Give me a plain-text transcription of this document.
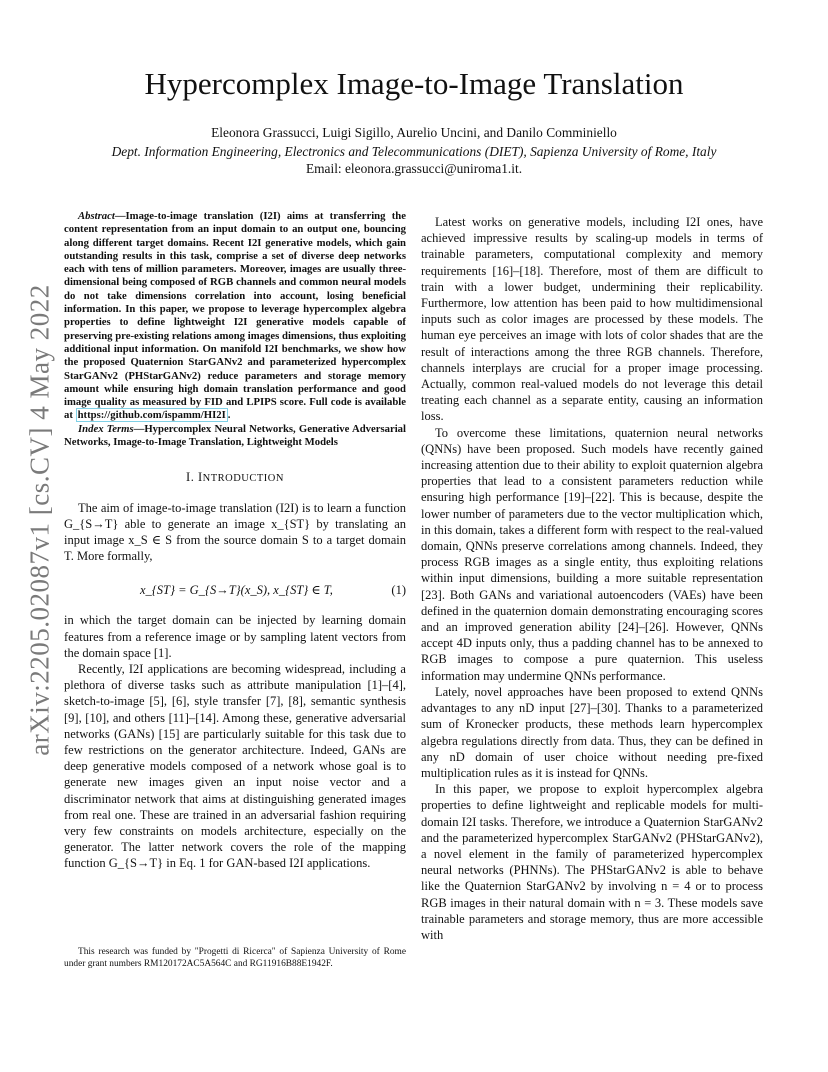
arXiv:2205.02087v1 [cs.CV] 4 May 2022
Hypercomplex Image-to-Image Translation
Eleonora Grassucci, Luigi Sigillo, Aurelio Uncini, and Danilo Comminiello
Dept. Information Engineering, Electronics and Telecommunications (DIET), Sapienza University of Rome, Italy
Email: eleonora.grassucci@uniroma1.it.

Abstract—Image-to-image translation (I2I) aims at transferring the content representation from an input domain to an output one, bouncing along different target domains. Recent I2I generative models, which gain outstanding results in this task, comprise a set of diverse deep networks each with tens of million parameters. Moreover, images are usually three-dimensional being composed of RGB channels and common neural models do not take dimensions correlation into account, losing beneficial information. In this paper, we propose to leverage hypercomplex algebra properties to define lightweight I2I generative models capable of preserving pre-existing relations among images dimensions, thus exploiting additional input information. On manifold I2I benchmarks, we show how the proposed Quaternion StarGANv2 and parameterized hypercomplex StarGANv2 (PHStarGANv2) reduce parameters and storage memory amount while ensuring high domain translation performance and good image quality as measured by FID and LPIPS score. Full code is available at https://github.com/ispamm/HI2I .

Index Terms—Hypercomplex Neural Networks, Generative Adversarial Networks, Image-to-Image Translation, Lightweight Models

I. INTRODUCTION

The aim of image-to-image translation (I2I) is to learn a function G_{S→T} able to generate an image x_{ST} by translating an input image x_S ∈ S from the source domain S to a target domain T. More formally,

x_{ST} = G_{S→T}(x_S), x_{ST} ∈ T,	(1)

in which the target domain can be injected by learning domain features from a reference image or by sampling latent vectors from the domain space [1].

Recently, I2I applications are becoming widespread, including a plethora of diverse tasks such as attribute manipulation [1]–[4], sketch-to-image [5], [6], style transfer [7], [8], semantic synthesis [9], [10], and others [11]–[14]. Among these, generative adversarial networks (GANs) [15] are particularly suitable for this task due to few restrictions on the generator architecture. Indeed, GANs are deep generative models composed of a network whose goal is to generate new images given an input noise vector and a discriminator network that aims at distinguishing generated images from real one. These are trained in an adversarial fashion requiring very few constraints on models architecture, especially on the generator. The latter network covers the role of the mapping function G_{S→T} in Eq. 1 for GAN-based I2I applications.

This research was funded by "Progetti di Ricerca" of Sapienza University of Rome under grant numbers RM120172AC5A564C and RG11916B88E1942F.

Latest works on generative models, including I2I ones, have achieved impressive results by scaling-up models in terms of trainable parameters, computational complexity and memory requirements [16]–[18]. Therefore, most of them are difficult to train with a lower budget, undermining their replicability. Furthermore, low attention has been paid to how multidimensional inputs such as color images are processed by these models. The human eye perceives an image with lots of color shades that are the result of interactions among the three RGB channels. Therefore, channels interplays are crucial for a proper image processing. Actually, common real-valued models do not leverage this detail treating each channel as a separate entity, causing an information loss.

To overcome these limitations, quaternion neural networks (QNNs) have been proposed. Such models have recently gained increasing attention due to their ability to exploit quaternion algebra properties that lead to a consistent parameters reduction while ensuring high performance [19]–[22]. This is because, despite the lower number of parameters due to the vector multiplication which, in this domain, takes a different form with respect to the real-valued domain, QNNs preserve correlations among channels. Indeed, they process RGB images as a single entity, thus exploiting relations within input dimensions, building a more suitable representation [23]. Both GANs and variational autoencoders (VAEs) have been defined in the quaternion domain demonstrating encouraging scores and an improved generation ability [24]–[26]. However, QNNs accept 4D inputs only, thus a padding channel has to be annexed to RGB images to compose a pure quaternion. This useless information may undermine QNNs performance.

Lately, novel approaches have been proposed to extend QNNs advantages to any nD input [27]–[30]. Thanks to a parameterized sum of Kronecker products, these methods learn hypercomplex algebra regulations directly from data. Thus, they can be defined in any nD domain of user choice without needing pre-fixed multiplication rules as it is instead for QNNs.

In this paper, we propose to exploit hypercomplex algebra properties to define lightweight and replicable models for multi-domain I2I tasks. Therefore, we introduce a Quaternion StarGANv2 and the parameterized hypercomplex StarGANv2 (PHStarGANv2), a novel element in the family of parameterized hypercomplex neural networks (PHNNs). The PHStarGANv2 is able to behave like the Quaternion StarGANv2 by involving n = 4 or to process RGB images in their natural domain with n = 3. These models save trainable parameters and storage memory, thus are more accessible with
